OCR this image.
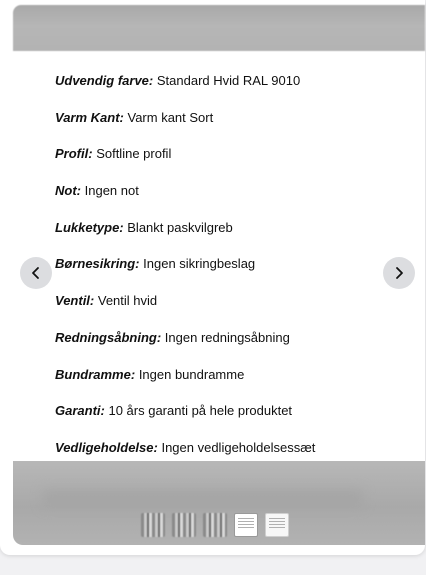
Udvendig farve: Standard Hvid RAL 9010
Varm Kant: Varm kant Sort
Profil: Softline profil
Not: Ingen not
Lukketype: Blankt paskvilgreb
Børnesikring: Ingen sikringbeslag
Ventil: Ventil hvid
Redningsåbning: Ingen redningsåbning
Bundramme: Ingen bundramme
Garanti: 10 års garanti på hele produktet
Vedligeholdelse: Ingen vedligeholdelsessæt
